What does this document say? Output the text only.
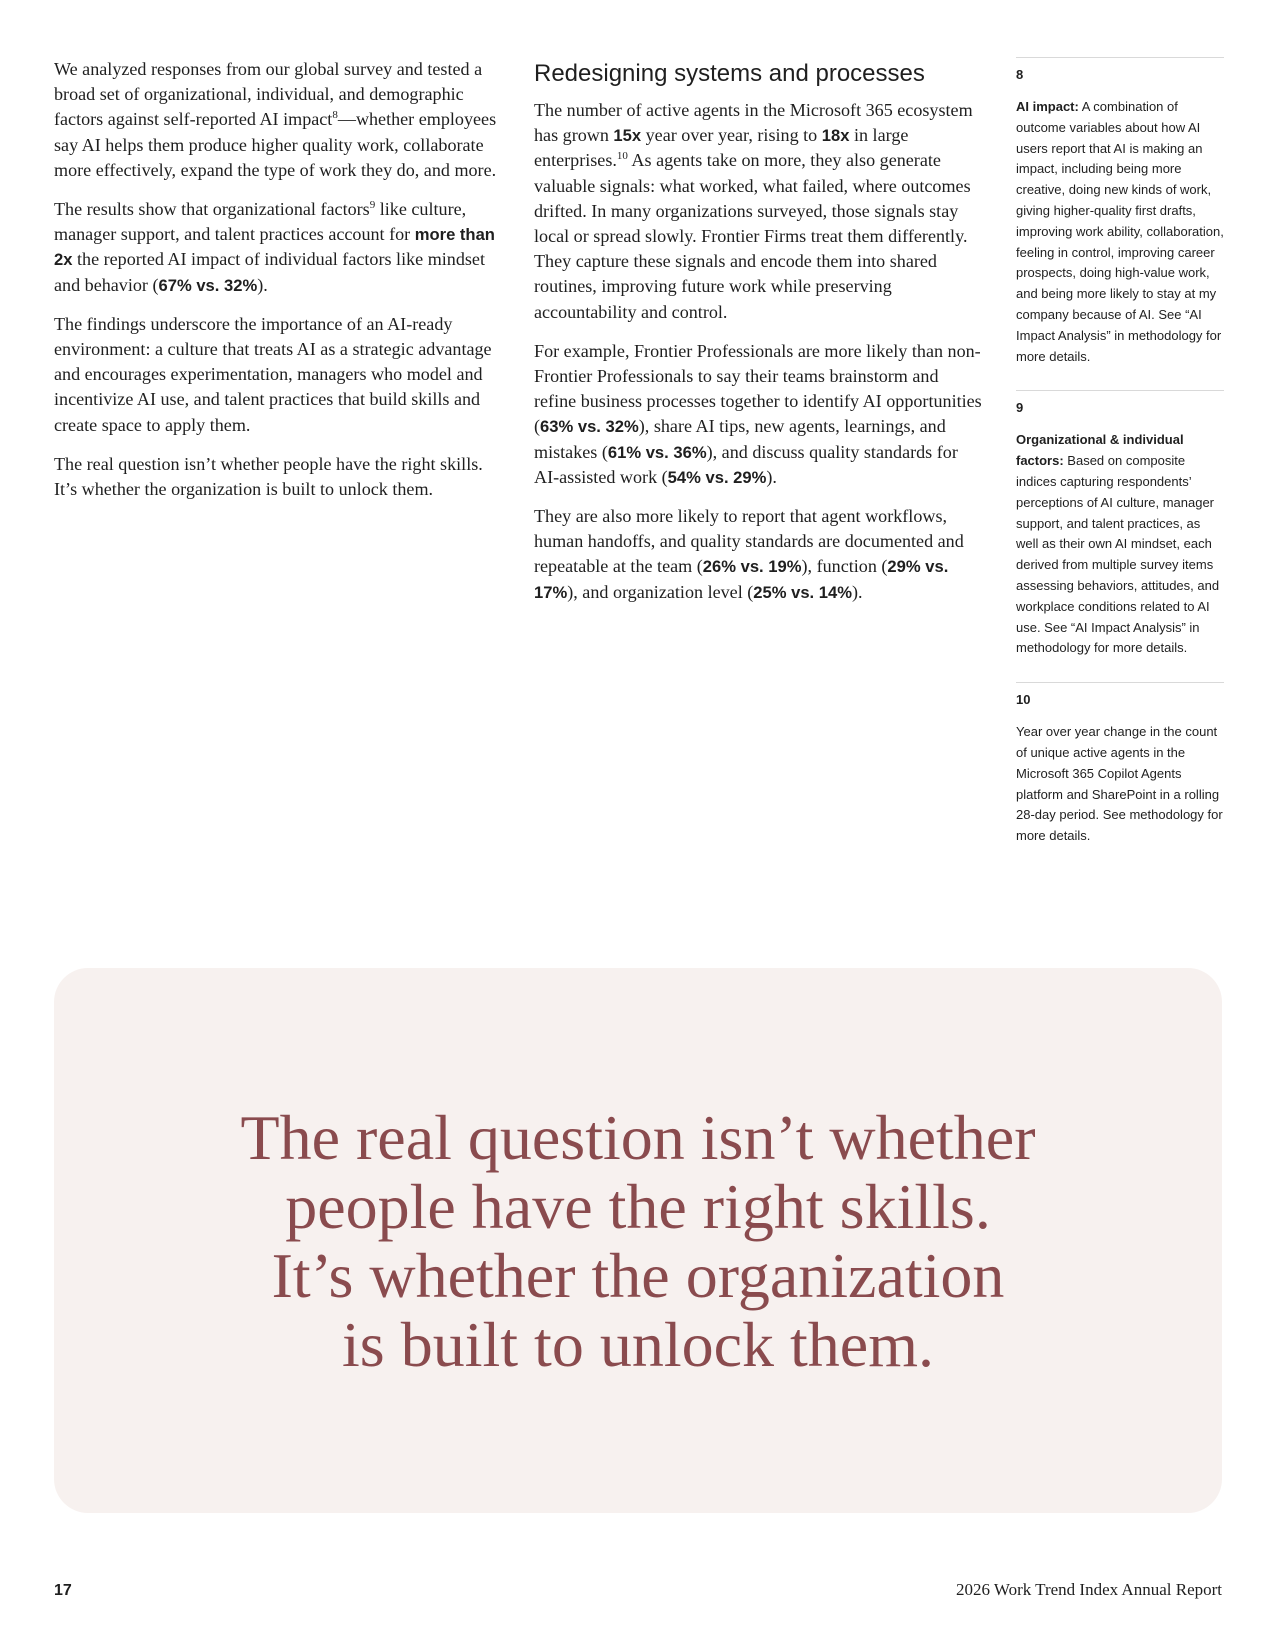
We analyzed responses from our global survey and tested a broad set of organizational, individual, and demographic factors against self-reported AI impact$^8$—whether employees say AI helps them produce higher quality work, collaborate more effectively, expand the type of work they do, and more.

The results show that organizational factors$^9$ like culture, manager support, and talent practices account for more than 2x the reported AI impact of individual factors like mindset and behavior (67% vs. 32%).

The findings underscore the importance of an AI-ready environment: a culture that treats AI as a strategic advantage and encourages experimentation, managers who model and incentivize AI use, and talent practices that build skills and create space to apply them.

The real question isn’t whether people have the right skills. It’s whether the organization is built to unlock them.

Redesigning systems and processes

The number of active agents in the Microsoft 365 ecosystem has grown 15x year over year, rising to 18x in large enterprises.$^{10}$ As agents take on more, they also generate valuable signals: what worked, what failed, where outcomes drifted. In many organizations surveyed, those signals stay local or spread slowly. Frontier Firms treat them differently. They capture these signals and encode them into shared routines, improving future work while preserving accountability and control.

For example, Frontier Professionals are more likely than non-Frontier Professionals to say their teams brainstorm and refine business processes together to identify AI opportunities (63% vs. 32%), share AI tips, new agents, learnings, and mistakes (61% vs. 36%), and discuss quality standards for AI-assisted work (54% vs. 29%).

They are also more likely to report that agent workflows, human handoffs, and quality standards are documented and repeatable at the team (26% vs. 19%), function (29% vs. 17%), and organization level (25% vs. 14%).

8
AI impact: A combination of outcome variables about how AI users report that AI is making an impact, including being more creative, doing new kinds of work, giving higher-quality first drafts, improving work ability, collaboration, feeling in control, improving career prospects, doing high-value work, and being more likely to stay at my company because of AI. See “AI Impact Analysis” in methodology for more details.
9
Organizational & individual factors: Based on composite indices capturing respondents’ perceptions of AI culture, manager support, and talent practices, as well as their own AI mindset, each derived from multiple survey items assessing behaviors, attitudes, and workplace conditions related to AI use. See “AI Impact Analysis” in methodology for more details.
10
Year over year change in the count of unique active agents in the Microsoft 365 Copilot Agents platform and SharePoint in a rolling 28-day period. See methodology for more details.

The real question isn’t whether
people have the right skills.
It’s whether the organization
is built to unlock them.

17	2026 Work Trend Index Annual Report
